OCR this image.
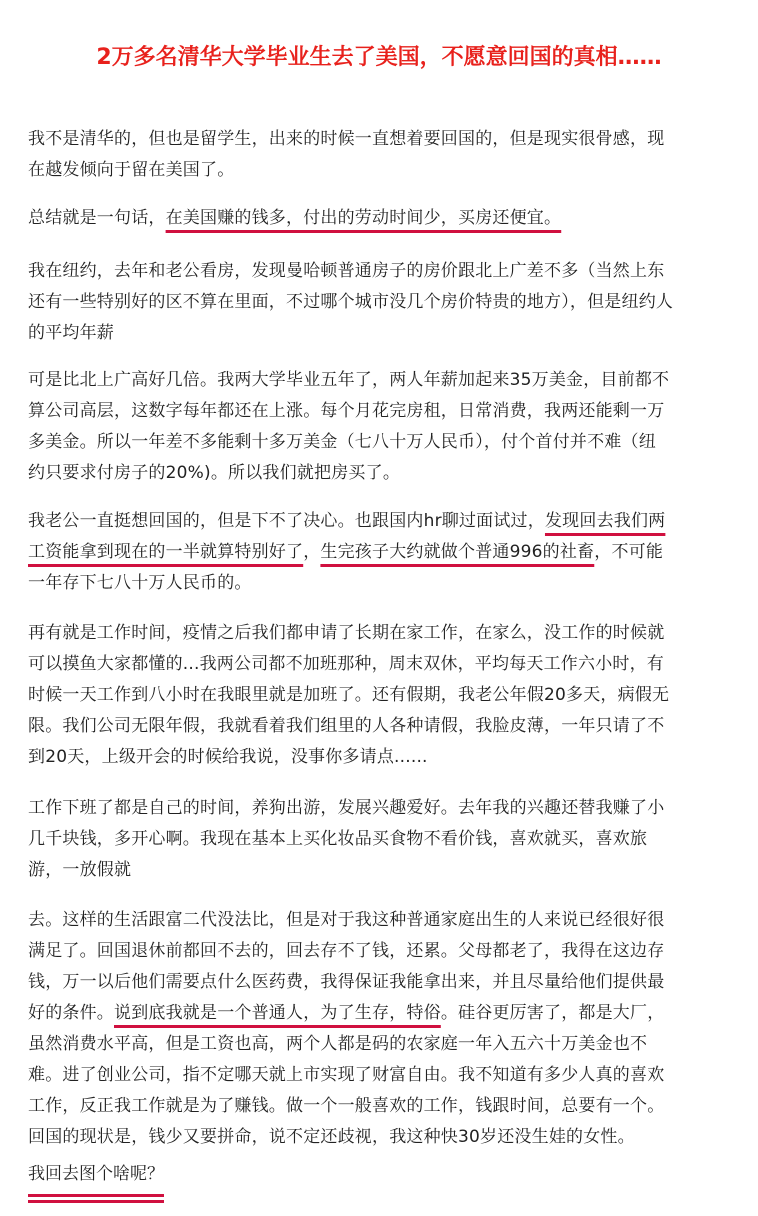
2万多名清华大学毕业生去了美国，不愿意回国的真相……
我不是清华的，但也是留学生，出来的时候一直想着要回国的，但是现实很骨感，现
在越发倾向于留在美国了。
总结就是一句话，在美国赚的钱多，付出的劳动时间少，买房还便宜。
我在纽约，去年和老公看房，发现曼哈顿普通房子的房价跟北上广差不多（当然上东
还有一些特别好的区不算在里面，不过哪个城市没几个房价特贵的地方），但是纽约人
的平均年薪
可是比北上广高好几倍。我两大学毕业五年了，两人年薪加起来35万美金，目前都不
算公司高层，这数字每年都还在上涨。每个月花完房租，日常消费，我两还能剩一万
多美金。所以一年差不多能剩十多万美金（七八十万人民币），付个首付并不难（纽
约只要求付房子的20%)。所以我们就把房买了。
我老公一直挺想回国的，但是下不了决心。也跟国内hr聊过面试过，发现回去我们两
工资能拿到现在的一半就算特别好了，生完孩子大约就做个普通996的社畜，不可能
一年存下七八十万人民币的。
再有就是工作时间，疫情之后我们都申请了长期在家工作，在家么，没工作的时候就
可以摸鱼大家都懂的...我两公司都不加班那种，周末双休，平均每天工作六小时，有
时候一天工作到八小时在我眼里就是加班了。还有假期，我老公年假20多天，病假无
限。我们公司无限年假，我就看着我们组里的人各种请假，我脸皮薄，一年只请了不
到20天，上级开会的时候给我说，没事你多请点......
工作下班了都是自己的时间，养狗出游，发展兴趣爱好。去年我的兴趣还替我赚了小
几千块钱，多开心啊。我现在基本上买化妆品买食物不看价钱，喜欢就买，喜欢旅
游，一放假就
去。这样的生活跟富二代没法比，但是对于我这种普通家庭出生的人来说已经很好很
满足了。回国退休前都回不去的，回去存不了钱，还累。父母都老了，我得在这边存
钱，万一以后他们需要点什么医药费，我得保证我能拿出来，并且尽量给他们提供最
好的条件。说到底我就是一个普通人，为了生存，特俗。硅谷更厉害了，都是大厂，
虽然消费水平高，但是工资也高，两个人都是码的农家庭一年入五六十万美金也不
难。进了创业公司，指不定哪天就上市实现了财富自由。我不知道有多少人真的喜欢
工作，反正我工作就是为了赚钱。做一个一般喜欢的工作，钱跟时间，总要有一个。
回国的现状是，钱少又要拼命，说不定还歧视，我这种快30岁还没生娃的女性。
我回去图个啥呢？
